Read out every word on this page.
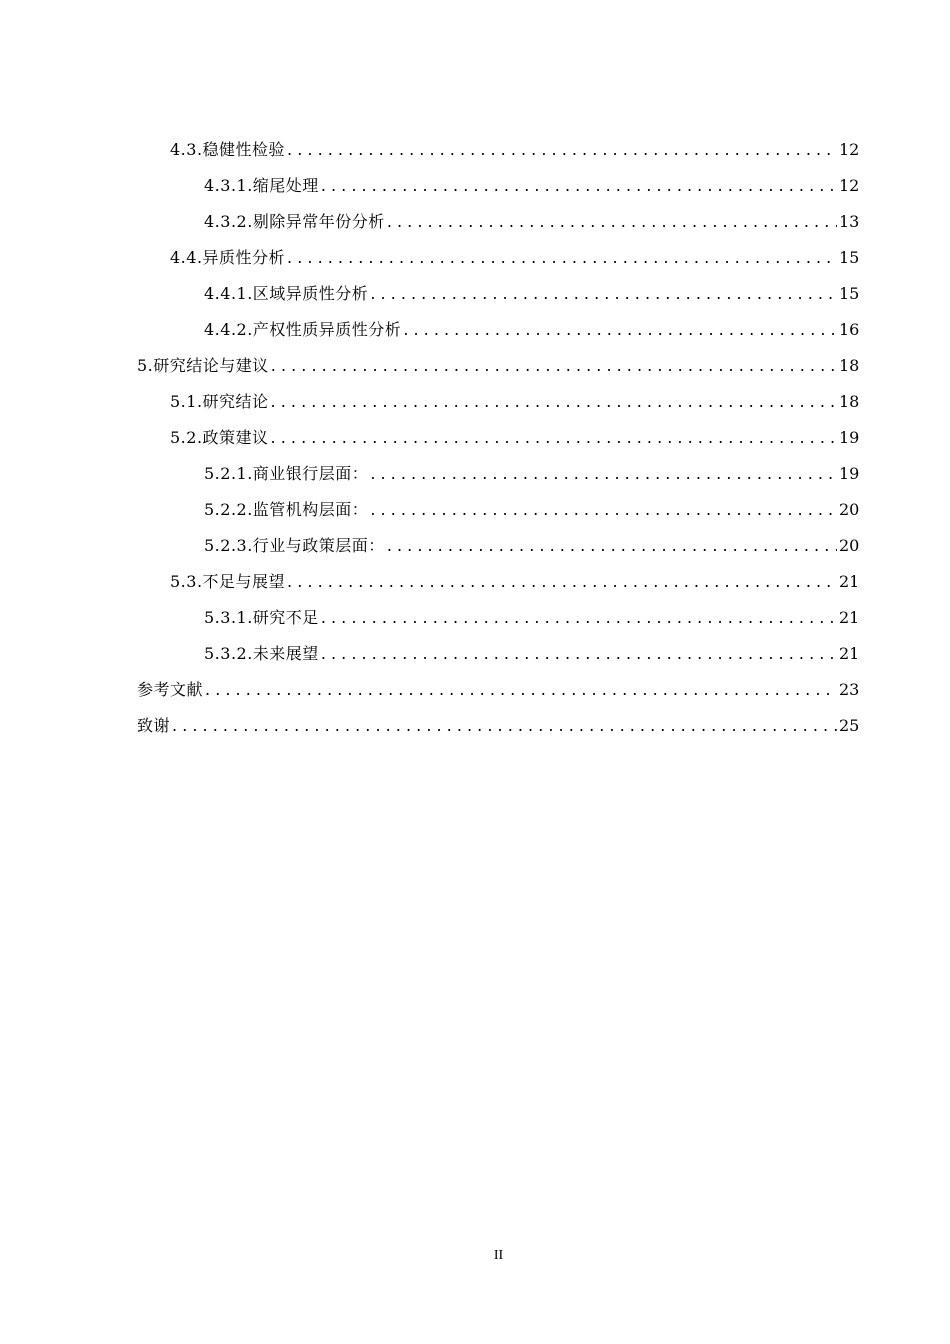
4.3.稳健性检验 . . .	12
4.3.1.缩尾处理 . . .	12
4.3.2.剔除异常年份分析 . . .	13
4.4.异质性分析 . . .	15
4.4.1.区域异质性分析 . . .	15
4.4.2.产权性质异质性分析 . . .	16
5.研究结论与建议 . . .	18
5.1.研究结论 . . .	18
5.2.政策建议 . . .	19
5.2.1.商业银行层面： . . .	19
5.2.2.监管机构层面： . . .	20
5.2.3.行业与政策层面： . . .	20
5.3.不足与展望 . . .	21
5.3.1.研究不足 . . .	21
5.3.2.未来展望 . . .	21
参考文献 . . .	23
致谢 . . .	25
II
